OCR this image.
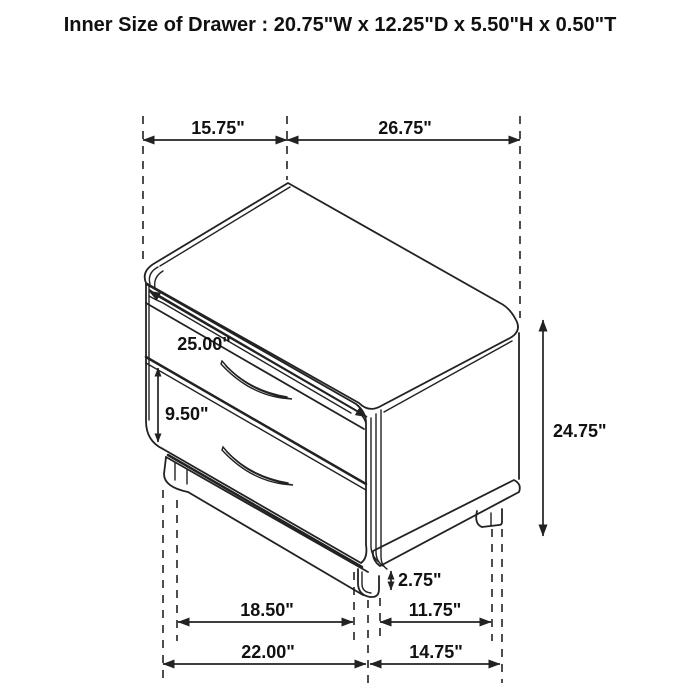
Inner Size of Drawer : 20.75"W x 12.25"D x 5.50"H x 0.50"T
15.75"	26.75"
25.00"
9.50"
24.75"
2.75"
18.50"	11.75"
22.00"	14.75"
